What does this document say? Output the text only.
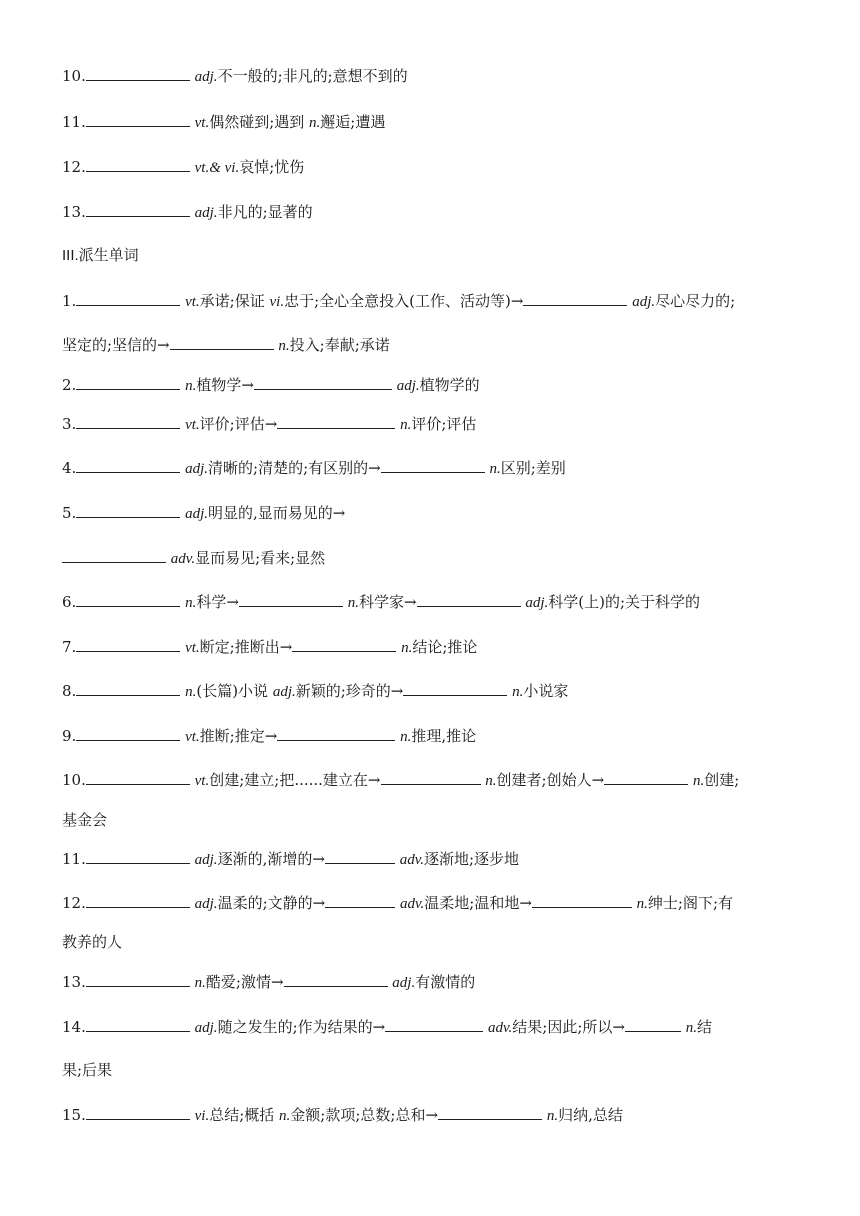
10.	adj.不一般的;非凡的;意想不到的
11.	vt.偶然碰到;遇到 n.邂逅;遭遇
12.	vt.& vi.哀悼;忧伤
13.	adj.非凡的;显著的
III.派生单词
1.	vt.承诺;保证 vi.忠于;全心全意投入(工作、活动等)→	adj.尽心尽力的;
坚定的;坚信的→	n.投入;奉献;承诺
2.	n.植物学→	adj.植物学的
3.	vt.评价;评估→	n.评价;评估
4.	adj.清晰的;清楚的;有区别的→	n.区别;差别
5.	adj.明显的,显而易见的→
adv.显而易见;看来;显然
6.	n.科学→	n.科学家→	adj.科学(上)的;关于科学的
7.	vt.断定;推断出→	n.结论;推论
8.	n.(长篇)小说 adj.新颖的;珍奇的→	n.小说家
9.	vt.推断;推定→	n.推理,推论
10.	vt.创建;建立;把......建立在→	n.创建者;创始人→	n.创建;
基金会
11.	adj.逐渐的,渐增的→	adv.逐渐地;逐步地
12.	adj.温柔的;文静的→	adv.温柔地;温和地→	n.绅士;阁下;有
教养的人
13.	n.酷爱;激情→	adj.有激情的
14.	adj.随之发生的;作为结果的→	adv.结果;因此;所以→	n.结
果;后果
15.	vi.总结;概括 n.金额;款项;总数;总和→	n.归纳,总结
